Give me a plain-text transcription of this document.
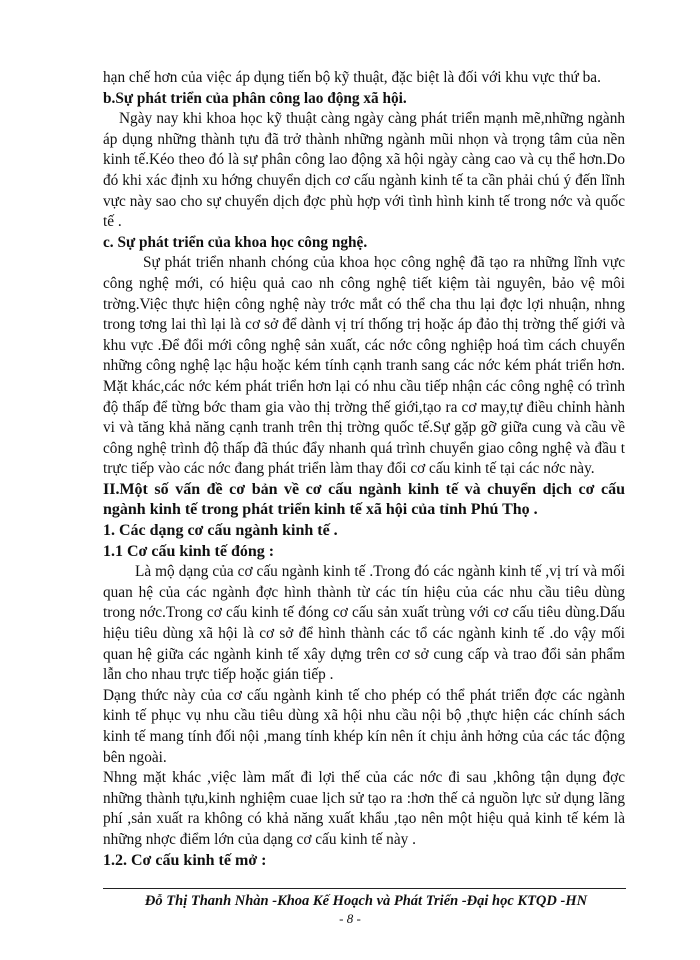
hạn chế hơn của việc áp dụng tiến bộ kỹ thuật, đặc biệt là đối với khu vực thứ ba.

b.Sự phát triển của phân công lao động xã hội.

Ngày nay khi khoa học kỹ thuật càng ngày càng phát triển mạnh mẽ,những ngành áp dụng những thành tựu đã trở thành những ngành mũi nhọn và trọng tâm của nền kinh tế.Kéo theo đó là sự phân công lao động xã hội ngày càng cao và cụ thể hơn.Do đó khi xác định xu hớng chuyển dịch cơ cấu ngành kinh tế ta cần phải chú ý đến lĩnh vực này sao cho sự chuyển dịch đợc phù hợp với tình hình kinh tế trong nớc và quốc tế .

c. Sự phát triển của khoa học công nghệ.

Sự phát triển nhanh chóng của khoa học công nghệ đã tạo ra những lĩnh vực công nghệ mới, có hiệu quả cao nh công nghệ tiết kiệm tài nguyên, bảo vệ môi trờng.Việc thực hiện công nghệ này trớc mắt có thể cha thu lại đợc lợi nhuận, nhng trong tơng lai thì lại là cơ sở để dành vị trí thống trị hoặc áp đảo thị trờng thế giới và khu vực .Để đổi mới công nghệ sản xuất, các nớc công nghiệp hoá tìm cách chuyển những công nghệ lạc hậu hoặc kém tính cạnh tranh sang các nớc kém phát triển hơn. Mặt khác,các nớc kém phát triển hơn lại có nhu cầu tiếp nhận các công nghệ có trình độ thấp để từng bớc tham gia vào thị trờng thế giới,tạo ra cơ may,tự điều chỉnh hành vi và tăng khả năng cạnh tranh trên thị trờng quốc tế.Sự gặp gỡ giữa cung và cầu về công nghệ trình độ thấp đã thúc đẩy nhanh quá trình chuyển giao công nghệ và đầu t trực tiếp vào các nớc đang phát triển làm thay đổi cơ cấu kinh tế tại các nớc này.

II.Một số vấn đề cơ bản về cơ cấu ngành kinh tế và chuyển dịch cơ cấu ngành kinh tế trong phát triển kinh tế xã hội của tỉnh Phú Thọ .

1. Các dạng cơ cấu ngành kinh tế .

1.1 Cơ cấu kinh tế đóng :

Là mộ dạng của cơ cấu ngành kinh tế .Trong đó các ngành kinh tế ,vị trí và mối quan hệ của các ngành đợc hình thành từ các tín hiệu của các nhu cầu tiêu dùng trong nớc.Trong cơ cấu kinh tế đóng cơ cấu sản xuất trùng với cơ cấu tiêu dùng.Dấu hiệu tiêu dùng xã hội là cơ sở để hình thành các tổ các ngành kinh tế .do vậy mối quan hệ giữa các ngành kinh tế xây dựng trên cơ sở cung cấp và trao đổi sản phẩm lẫn cho nhau trực tiếp hoặc gián tiếp .

Dạng thức này của cơ cấu ngành kinh tế cho phép có thể phát triển đợc các ngành kinh tế phục vụ nhu cầu tiêu dùng xã hội nhu cầu nội bộ ,thực hiện các chính sách kinh tế mang tính đối nội ,mang tính khép kín nên ít chịu ảnh hởng của các tác động bên ngoài.

Nhng mặt khác ,việc làm mất đi lợi thế của các nớc đi sau ,không tận dụng đợc những thành tựu,kinh nghiệm cuae lịch sử tạo ra :hơn thế cả nguồn lực sử dụng lãng phí ,sản xuất ra không có khả năng xuất khẩu ,tạo nên một hiệu quả kinh tế kém là những nhợc điểm lớn của dạng cơ cấu kinh tế này .

1.2. Cơ cấu kinh tế mở :

Đỗ Thị Thanh Nhàn -Khoa Kế Hoạch và Phát Triển -Đại học KTQD -HN
- 8 -
